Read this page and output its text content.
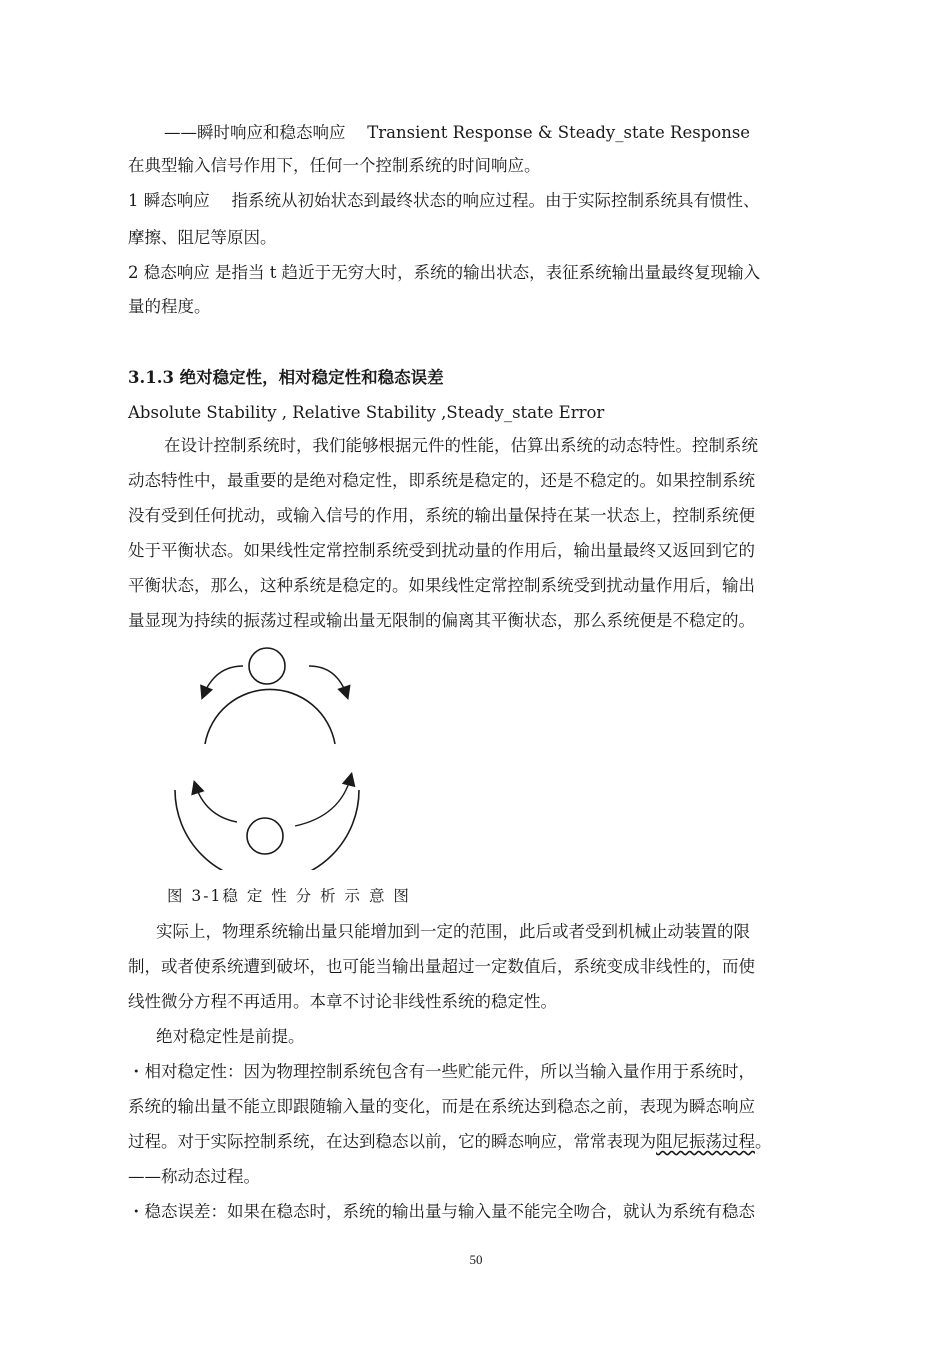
——瞬时响应和稳态响应　 Transient Response & Steady_state Response
在典型输入信号作用下，任何一个控制系统的时间响应。
1 瞬态响应　 指系统从初始状态到最终状态的响应过程。由于实际控制系统具有惯性、
摩擦、阻尼等原因。
2 稳态响应 是指当 t 趋近于无穷大时，系统的输出状态，表征系统输出量最终复现输入
量的程度。
3.1.3 绝对稳定性，相对稳定性和稳态误差
Absolute Stability , Relative Stability ,Steady_state Error
在设计控制系统时，我们能够根据元件的性能，估算出系统的动态特性。控制系统
动态特性中，最重要的是绝对稳定性，即系统是稳定的，还是不稳定的。如果控制系统
没有受到任何扰动，或输入信号的作用，系统的输出量保持在某一状态上，控制系统便
处于平衡状态。如果线性定常控制系统受到扰动量的作用后，输出量最终又返回到它的
平衡状态，那么，这种系统是稳定的。如果线性定常控制系统受到扰动量作用后，输出
量显现为持续的振荡过程或输出量无限制的偏离其平衡状态，那么系统便是不稳定的。
图 3-1稳 定 性 分 析 示 意 图
实际上，物理系统输出量只能增加到一定的范围，此后或者受到机械止动装置的限
制，或者使系统遭到破坏，也可能当输出量超过一定数值后，系统变成非线性的，而使
线性微分方程不再适用。本章不讨论非线性系统的稳定性。
绝对稳定性是前提。
・相对稳定性：因为物理控制系统包含有一些贮能元件，所以当输入量作用于系统时，
系统的输出量不能立即跟随输入量的变化，而是在系统达到稳态之前，表现为瞬态响应
过程。对于实际控制系统，在达到稳态以前，它的瞬态响应，常常表现为阻尼振荡过程。
——称动态过程。
・稳态误差：如果在稳态时，系统的输出量与输入量不能完全吻合，就认为系统有稳态
50
